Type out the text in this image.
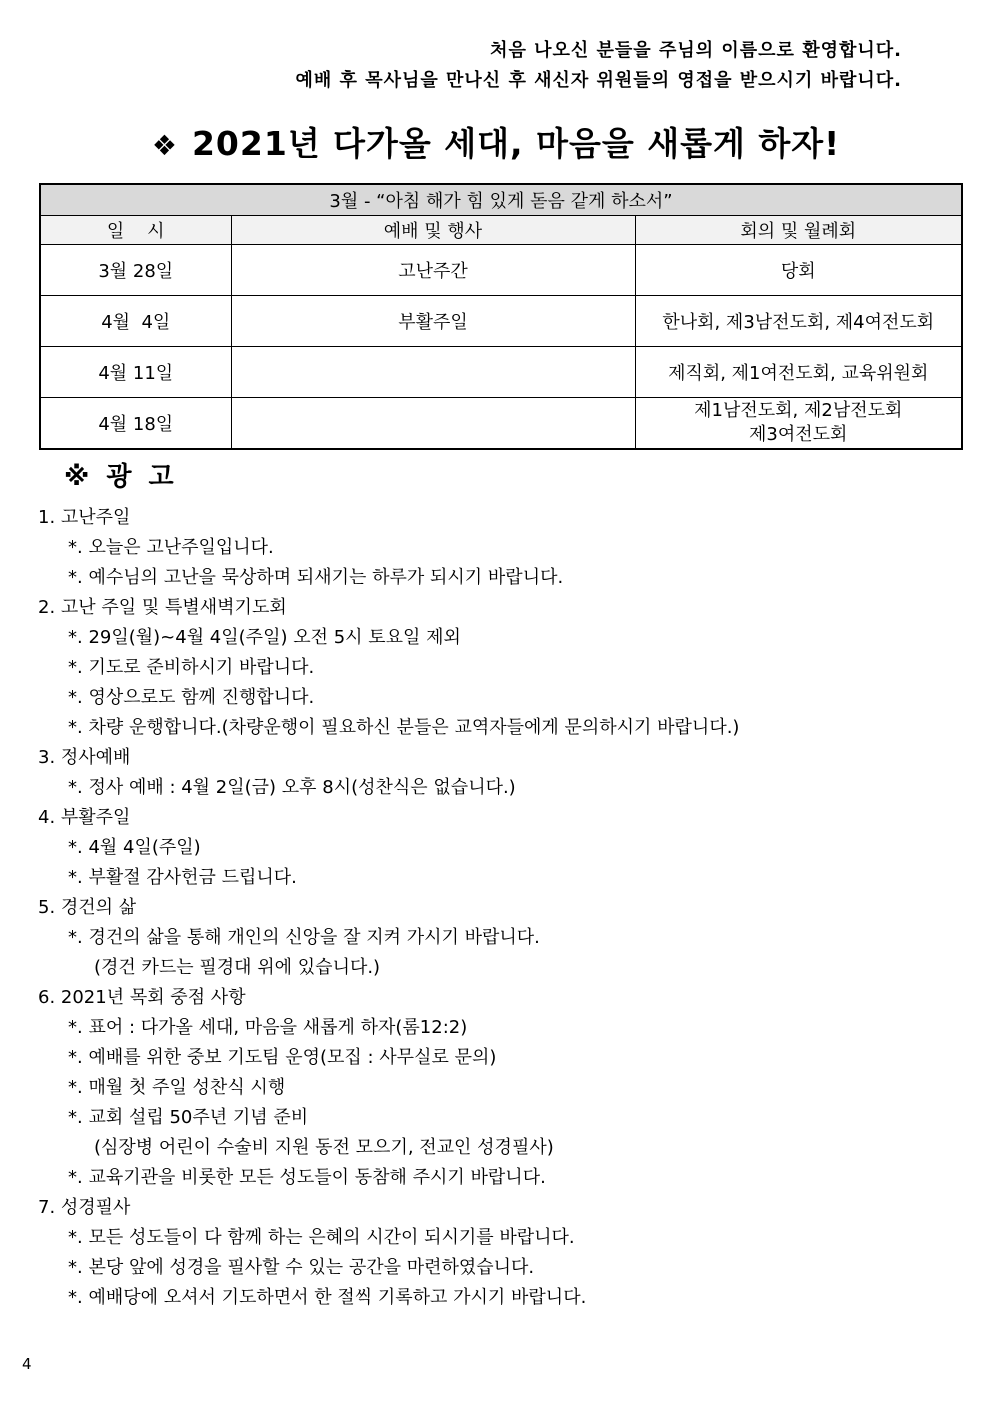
처음 나오신 분들을 주님의 이름으로 환영합니다.
예배 후 목사님을 만나신 후 새신자 위원들의 영접을 받으시기 바랍니다.
❖ 2021년 다가올 세대, 마음을 새롭게 하자!
3월 - “아침 해가 힘 있게 돋음 같게 하소서”		
일    시	예배 및 행사	회의 및 월례회
3월 28일	고난주간	당회
4월  4일	부활주일	한나회, 제3남전도회, 제4여전도회
4월 11일		제직회, 제1여전도회, 교육위원회
4월 18일		제1남전도회, 제2남전도회
제3여전도회
※ 광 고
1. 고난주일
*. 오늘은 고난주일입니다.
*. 예수님의 고난을 묵상하며 되새기는 하루가 되시기 바랍니다.
2. 고난 주일 및 특별새벽기도회
*. 29일(월)~4월 4일(주일) 오전 5시 토요일 제외
*. 기도로 준비하시기 바랍니다.
*. 영상으로도 함께 진행합니다.
*. 차량 운행합니다.(차량운행이 필요하신 분들은 교역자들에게 문의하시기 바랍니다.)
3. 정사예배
*. 정사 예배 : 4월 2일(금) 오후 8시(성찬식은 없습니다.)
4. 부활주일
*. 4월 4일(주일)
*. 부활절 감사헌금 드립니다.
5. 경건의 삶
*. 경건의 삶을 통해 개인의 신앙을 잘 지켜 가시기 바랍니다.
(경건 카드는 필경대 위에 있습니다.)
6. 2021년 목회 중점 사항
*. 표어 : 다가올 세대, 마음을 새롭게 하자(롬12:2)
*. 예배를 위한 중보 기도팀 운영(모집 : 사무실로 문의)
*. 매월 첫 주일 성찬식 시행
*. 교회 설립 50주년 기념 준비
(심장병 어린이 수술비 지원 동전 모으기, 전교인 성경필사)
*. 교육기관을 비롯한 모든 성도들이 동참해 주시기 바랍니다.
7. 성경필사
*. 모든 성도들이 다 함께 하는 은혜의 시간이 되시기를 바랍니다.
*. 본당 앞에 성경을 필사할 수 있는 공간을 마련하였습니다.
*. 예배당에 오셔서 기도하면서 한 절씩 기록하고 가시기 바랍니다.
4
